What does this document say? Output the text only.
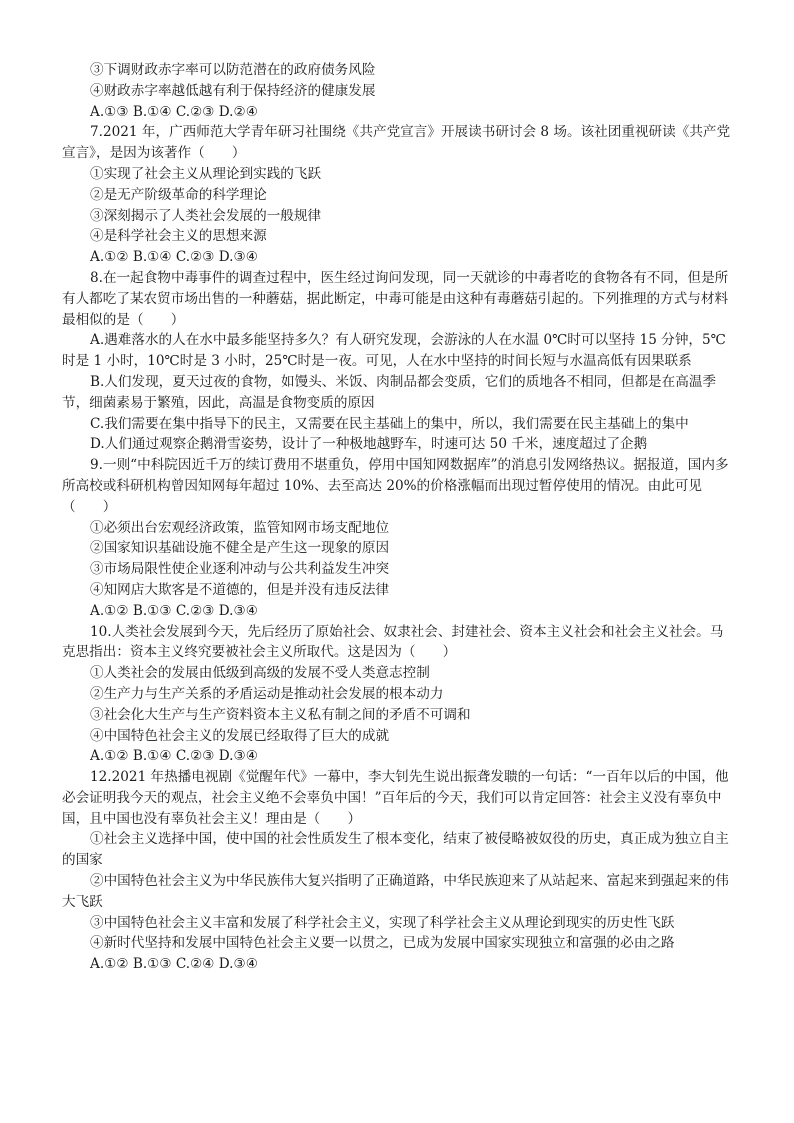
③下调财政赤字率可以防范潜在的政府债务风险

④财政赤字率越低越有利于保持经济的健康发展

A.①③ B.①④ C.②③ D.②④

7.2021 年，广西师范大学青年研习社围绕《共产党宣言》开展读书研讨会 8 场。该社团重视研读《共产党宣言》，是因为该著作（　　）

①实现了社会主义从理论到实践的飞跃

②是无产阶级革命的科学理论

③深刻揭示了人类社会发展的一般规律

④是科学社会主义的思想来源

A.①② B.①④ C.②③ D.③④

8.在一起食物中毒事件的调查过程中，医生经过询问发现，同一天就诊的中毒者吃的食物各有不同，但是所有人都吃了某农贸市场出售的一种蘑菇，据此断定，中毒可能是由这种有毒蘑菇引起的。下列推理的方式与材料最相似的是（　　）

A.遇难落水的人在水中最多能坚持多久？有人研究发现，会游泳的人在水温 0℃时可以坚持 15 分钟，5℃时是 1 小时，10℃时是 3 小时，25℃时是一夜。可见，人在水中坚持的时间长短与水温高低有因果联系

B.人们发现，夏天过夜的食物，如馒头、米饭、肉制品都会变质，它们的质地各不相同，但都是在高温季节，细菌素易于繁殖，因此，高温是食物变质的原因

C.我们需要在集中指导下的民主，又需要在民主基础上的集中，所以，我们需要在民主基础上的集中

D.人们通过观察企鹅滑雪姿势，设计了一种极地越野车，时速可达 50 千米，速度超过了企鹅

9.一则“中科院因近千万的续订费用不堪重负，停用中国知网数据库”的消息引发网络热议。据报道，国内多所高校或科研机构曾因知网每年超过 10%、去至高达 20%的价格涨幅而出现过暂停使用的情况。由此可见（　　）

①必须出台宏观经济政策，监管知网市场支配地位

②国家知识基础设施不健全是产生这一现象的原因

③市场局限性使企业逐利冲动与公共利益发生冲突

④知网店大欺客是不道德的，但是并没有违反法律

A.①② B.①③ C.②③ D.③④

10.人类社会发展到今天，先后经历了原始社会、奴隶社会、封建社会、资本主义社会和社会主义社会。马克思指出：资本主义终究要被社会主义所取代。这是因为（　　）

①人类社会的发展由低级到高级的发展不受人类意志控制

②生产力与生产关系的矛盾运动是推动社会发展的根本动力

③社会化大生产与生产资料资本主义私有制之间的矛盾不可调和

④中国特色社会主义的发展已经取得了巨大的成就

A.①② B.①④ C.②③ D.③④

12.2021 年热播电视剧《觉醒年代》一幕中，李大钊先生说出振聋发聩的一句话：“一百年以后的中国，他必会证明我今天的观点，社会主义绝不会辜负中国！”百年后的今天，我们可以肯定回答：社会主义没有辜负中国，且中国也没有辜负社会主义！理由是（　　）

①社会主义选择中国，使中国的社会性质发生了根本变化，结束了被侵略被奴役的历史，真正成为独立自主的国家

②中国特色社会主义为中华民族伟大复兴指明了正确道路，中华民族迎来了从站起来、富起来到强起来的伟大飞跃

③中国特色社会主义丰富和发展了科学社会主义，实现了科学社会主义从理论到现实的历史性飞跃

④新时代坚持和发展中国特色社会主义要一以贯之，已成为发展中国家实现独立和富强的必由之路

A.①② B.①③ C.②④ D.③④
